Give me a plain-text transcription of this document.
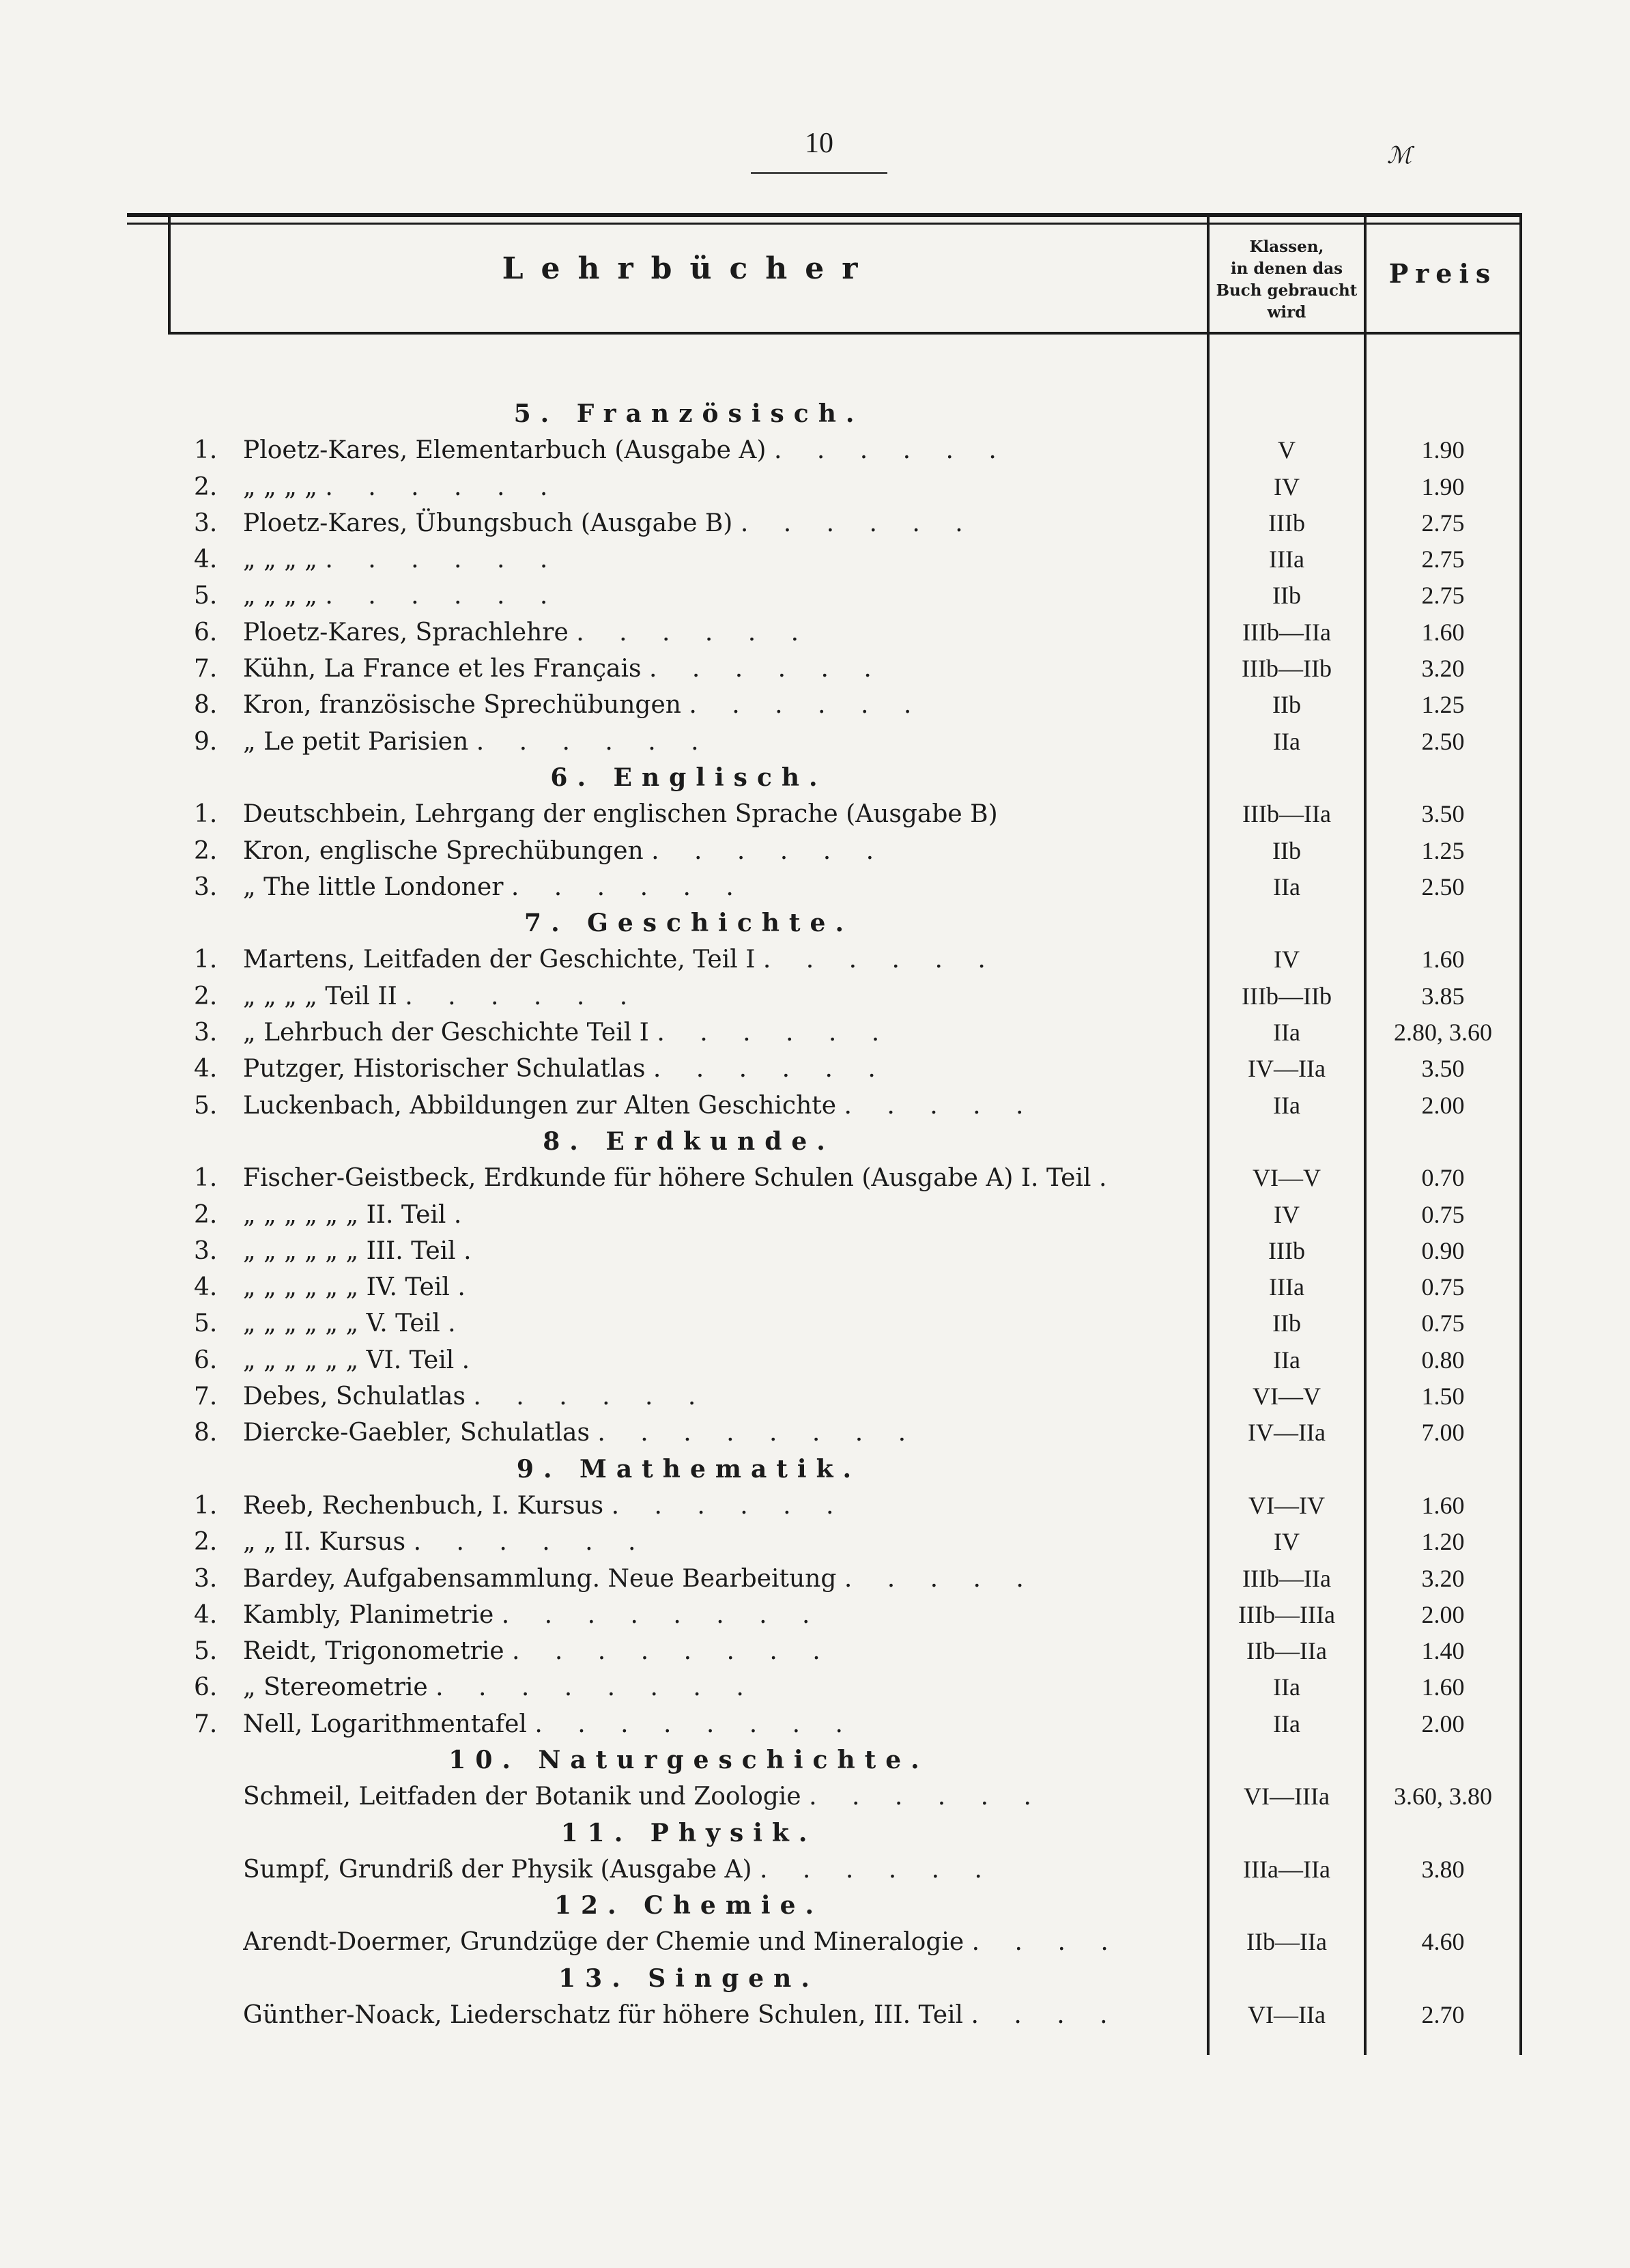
10
Lehrbücher
Klassen,
in denen das
Buch gebraucht
wird
Preis
ℳ
5. Französisch.
1.	Ploetz-Kares, Elementarbuch (Ausgabe A) . . . . . .	V	1.90
2.	„ „ „ „ . . . . . .	IV	1.90
3.	Ploetz-Kares, Übungsbuch (Ausgabe B) . . . . . .	IIIb	2.75
4.	„ „ „ „ . . . . . .	IIIa	2.75
5.	„ „ „ „ . . . . . .	IIb	2.75
6.	Ploetz-Kares, Sprachlehre . . . . . .	IIIb—IIa	1.60
7.	Kühn, La France et les Français . . . . . .	IIIb—IIb	3.20
8.	Kron, französische Sprechübungen . . . . . .	IIb	1.25
9.	„ Le petit Parisien . . . . . .	IIa	2.50
6. Englisch.
1.	Deutschbein, Lehrgang der englischen Sprache (Ausgabe B)	IIIb—IIa	3.50
2.	Kron, englische Sprechübungen . . . . . .	IIb	1.25
3.	„ The little Londoner . . . . . .	IIa	2.50
7. Geschichte.
1.	Martens, Leitfaden der Geschichte, Teil I . . . . . .	IV	1.60
2.	„ „ „ „ Teil II . . . . . .	IIIb—IIb	3.85
3.	„ Lehrbuch der Geschichte Teil I . . . . . .	IIa	2.80, 3.60
4.	Putzger, Historischer Schulatlas . . . . . .	IV—IIa	3.50
5.	Luckenbach, Abbildungen zur Alten Geschichte . . . . .	IIa	2.00
8. Erdkunde.
1.	Fischer-Geistbeck, Erdkunde für höhere Schulen (Ausgabe A) I. Teil .	VI—V	0.70
2.	„ „ „ „ „ „ II. Teil .	IV	0.75
3.	„ „ „ „ „ „ III. Teil .	IIIb	0.90
4.	„ „ „ „ „ „ IV. Teil .	IIIa	0.75
5.	„ „ „ „ „ „ V. Teil .	IIb	0.75
6.	„ „ „ „ „ „ VI. Teil .	IIa	0.80
7.	Debes, Schulatlas . . . . . .	VI—V	1.50
8.	Diercke-Gaebler, Schulatlas . . . . . . . .	IV—IIa	7.00
9. Mathematik.
1.	Reeb, Rechenbuch, I. Kursus . . . . . .	VI—IV	1.60
2.	„ „ II. Kursus . . . . . .	IV	1.20
3.	Bardey, Aufgabensammlung. Neue Bearbeitung . . . . .	IIIb—IIa	3.20
4.	Kambly, Planimetrie . . . . . . . .	IIIb—IIIa	2.00
5.	Reidt, Trigonometrie . . . . . . . .	IIb—IIa	1.40
6.	„ Stereometrie . . . . . . . .	IIa	1.60
7.	Nell, Logarithmentafel . . . . . . . .	IIa	2.00
10. Naturgeschichte.
Schmeil, Leitfaden der Botanik und Zoologie . . . . . .	VI—IIIa	3.60, 3.80
11. Physik.
Sumpf, Grundriß der Physik (Ausgabe A) . . . . . .	IIIa—IIa	3.80
12. Chemie.
Arendt-Doermer, Grundzüge der Chemie und Mineralogie . . . .	IIb—IIa	4.60
13. Singen.
Günther-Noack, Liederschatz für höhere Schulen, III. Teil . . . .	VI—IIa	2.70
